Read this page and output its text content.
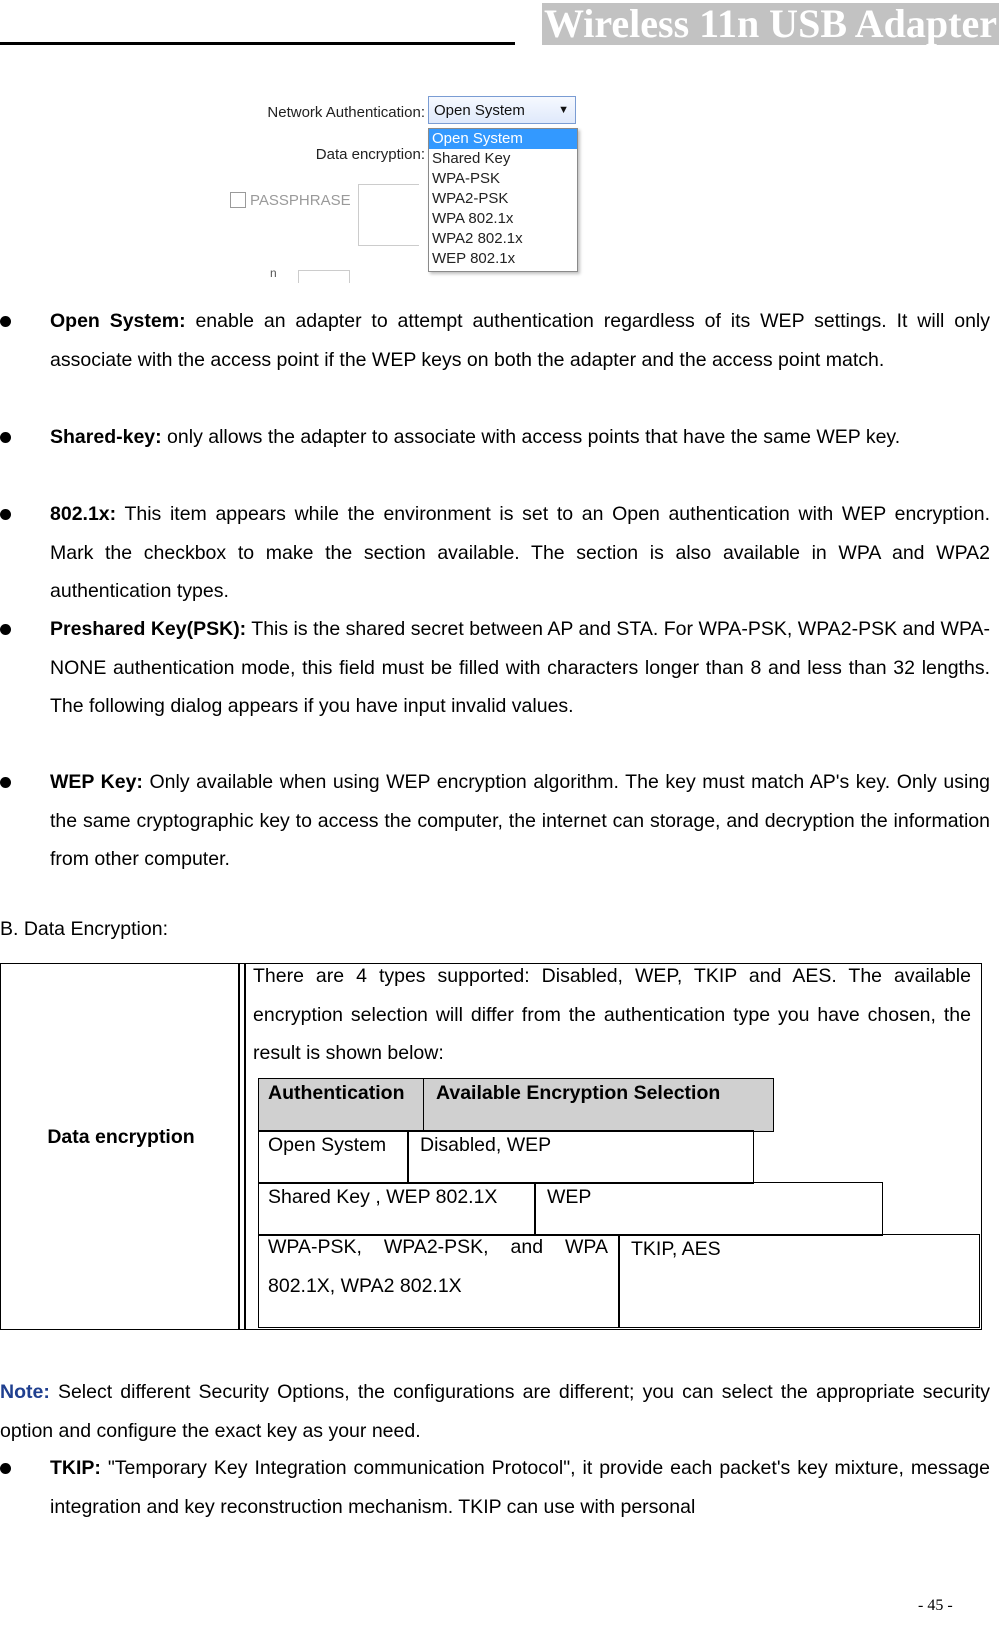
Wireless 11n USB Adapter
Network Authentication:
Data encryption:
PASSPHRASE
n
Open System	▼
Open System
Shared Key
WPA-PSK
WPA2-PSK
WPA 802.1x
WPA2 802.1x
WEP 802.1x
Open System: enable an adapter to attempt authentication regardless of its WEP settings. It will only associate with the access point if the WEP keys on both the adapter and the access point match.
Shared-key: only allows the adapter to associate with access points that have the same WEP key.
802.1x: This item appears while the environment is set to an Open authentication with WEP encryption. Mark the checkbox to make the section available. The section is also available in WPA and WPA2 authentication types.
Preshared Key(PSK): This is the shared secret between AP and STA. For WPA-PSK, WPA2-PSK and WPA-NONE authentication mode, this field must be filled with characters longer than 8 and less than 32 lengths. The following dialog appears if you have input invalid values.
WEP Key: Only available when using WEP encryption algorithm. The key must match AP's key. Only using the same cryptographic key to access the computer, the internet can storage, and decryption the information from other computer.
B. Data Encryption:
Data encryption
There are 4 types supported: Disabled, WEP, TKIP and AES. The available encryption selection will differ from the authentication type you have chosen, the result is shown below:
Authentication Available Encryption Selection
Open System Disabled, WEP
Shared Key , WEP 802.1X	WEP
WPA-PSK, WPA2-PSK, and WPA 802.1X, WPA2 802.1X
TKIP, AES
Note: Select different Security Options, the configurations are different; you can select the appropriate security option and configure the exact key as your need.
TKIP: "Temporary Key Integration communication Protocol", it provide each packet's key mixture, message integration and key reconstruction mechanism. TKIP can use with personal
- 45 -
